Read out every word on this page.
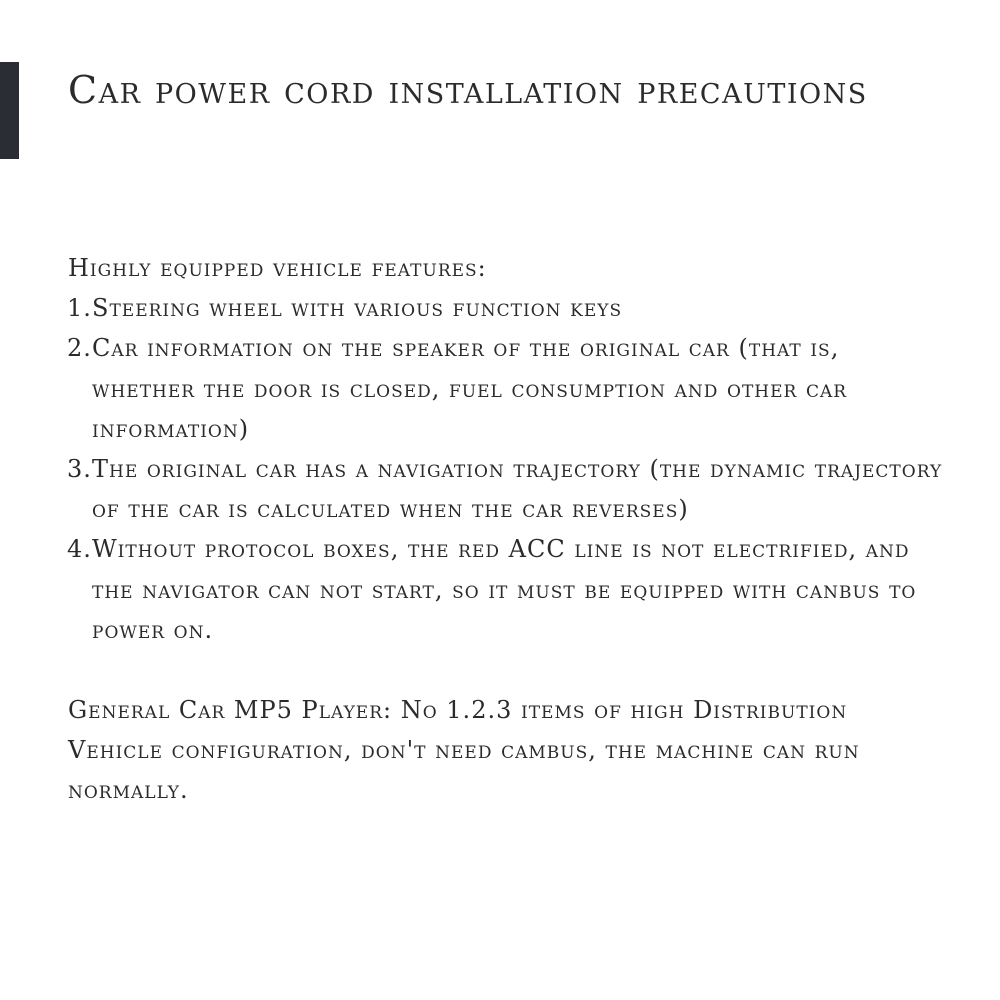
Car power cord installation precautions

Highly equipped vehicle features:

1. Steering wheel with various function keys
2. Car information on the speaker of the original car (that is, whether the door is closed, fuel consumption and other car information)
3. The original car has a navigation trajectory (the dynamic trajectory of the car is calculated when the car reverses)
4. Without protocol boxes, the red ACC line is not electrified, and the navigator can not start, so it must be equipped with canbus to power on.

General Car MP5 Player: No 1.2.3 items of high Distribution Vehicle configuration, don't need cambus, the machine can run normally.
